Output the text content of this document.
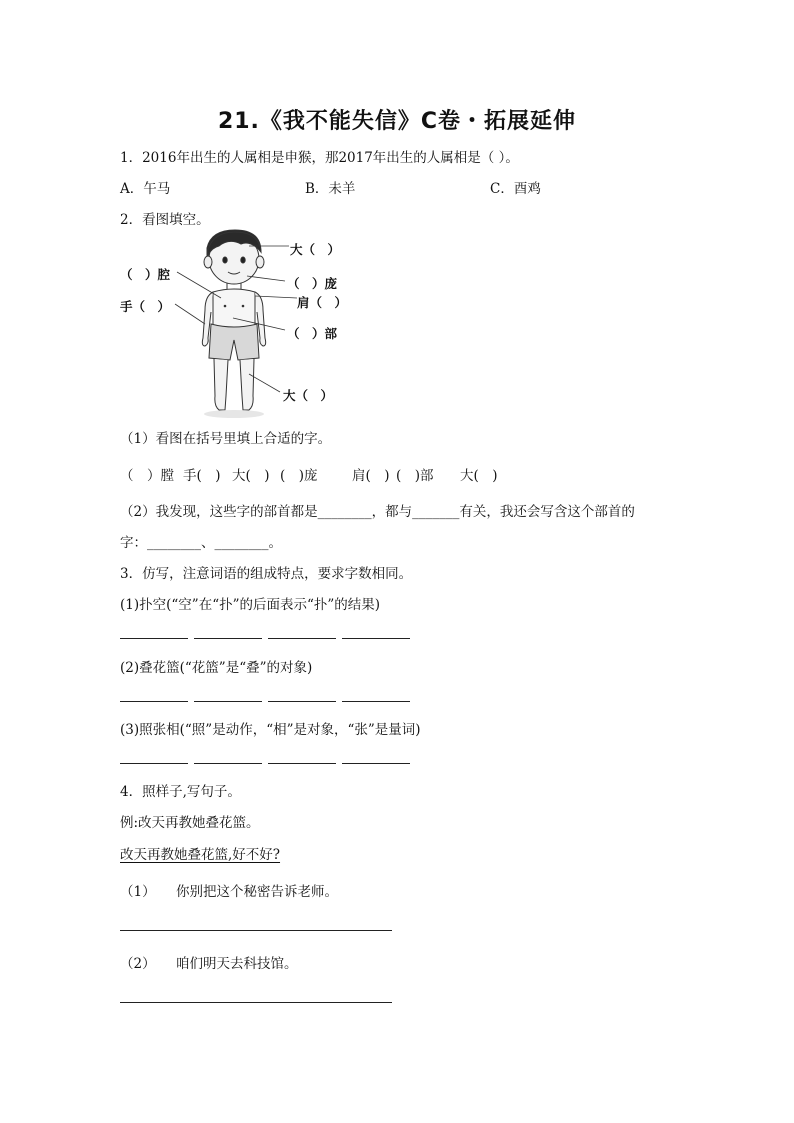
21.《我不能失信》C卷・拓展延伸
1．2016年出生的人属相是申猴，那2017年出生的人属相是（ ）。
A．午马	B．未羊	C．酉鸡
2．看图填空。
大（　）
（　）腔
（　）庞
肩（　）
手（　）
（　）部
大（　）
（1）看图在括号里填上合适的字。
（　）膛 手(　) 大(　) (　)庞	肩(　) (　)部 大(　)
（2）我发现，这些字的部首都是________，都与_______有关，我还会写含这个部首的
字：________、________。
3．仿写，注意词语的组成特点，要求字数相同。
(1)扑空(“空”在“扑”的后面表示“扑”的结果)
(2)叠花篮(“花篮”是“叠”的对象)
(3)照张相(“照”是动作，“相”是对象，“张”是量词)
4．照样子,写句子。
例:改天再教她叠花篮。
改天再教她叠花篮,好不好?
（1） 你别把这个秘密告诉老师。
（2） 咱们明天去科技馆。
